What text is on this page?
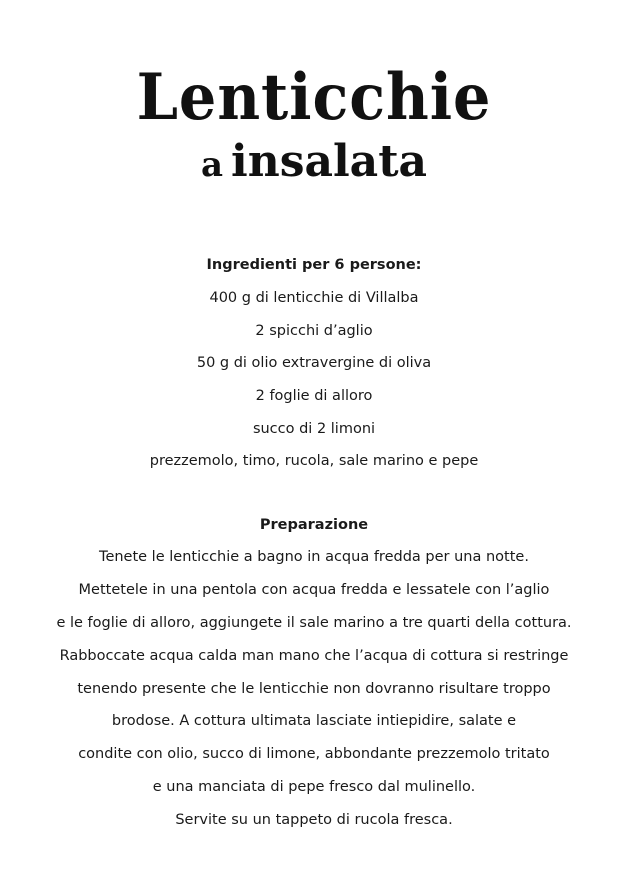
Lenticchie
a insalata
Ingredienti per 6 persone:
400 g di lenticchie di Villalba
2 spicchi d’aglio
50 g di olio extravergine di oliva
2 foglie di alloro
succo di 2 limoni
prezzemolo, timo, rucola, sale marino e pepe
Preparazione
Tenete le lenticchie a bagno in acqua fredda per una notte.
Mettetele in una pentola con acqua fredda e lessatele con l’aglio
e le foglie di alloro, aggiungete il sale marino a tre quarti della cottura.
Rabboccate acqua calda man mano che l’acqua di cottura si restringe
tenendo presente che le lenticchie non dovranno risultare troppo
brodose. A cottura ultimata lasciate intiepidire, salate e
condite con olio, succo di limone, abbondante prezzemolo tritato
e una manciata di pepe fresco dal mulinello.
Servite su un tappeto di rucola fresca.
